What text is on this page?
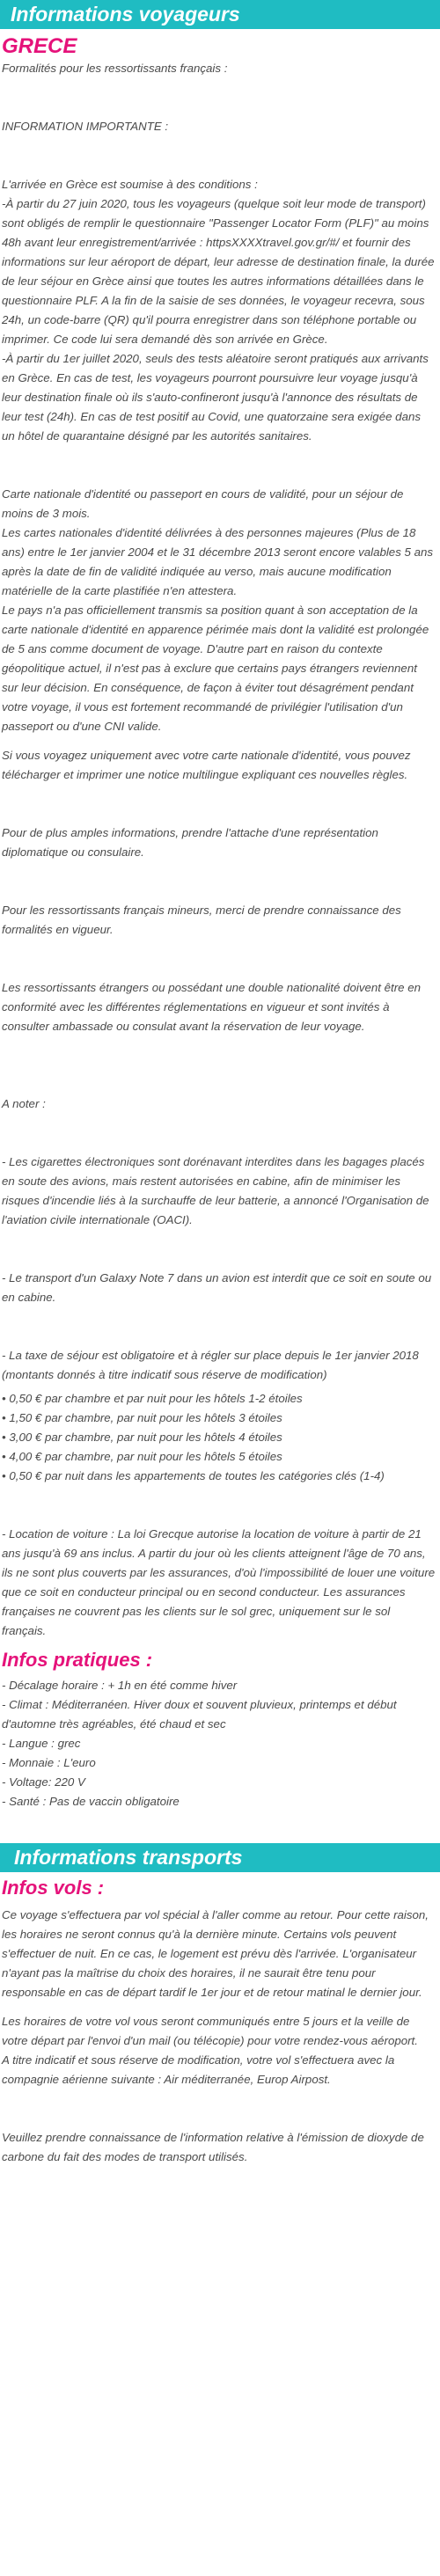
Informations voyageurs
GRECE

Formalités pour les ressortissants français :

INFORMATION IMPORTANTE :

L'arrivée en Grèce est soumise à des conditions :

-À partir du 27 juin 2020, tous les voyageurs (quelque soit leur mode de transport) sont obligés de remplir le questionnaire "Passenger Locator Form (PLF)" au moins 48h avant leur enregistrement/arrivée : httpsXXXXtravel.gov.gr/#/ et fournir des informations sur leur aéroport de départ, leur adresse de destination finale, la durée de leur séjour en Grèce ainsi que toutes les autres informations détaillées dans le questionnaire PLF. A la fin de la saisie de ses données, le voyageur recevra, sous 24h, un code-barre (QR) qu'il pourra enregistrer dans son téléphone portable ou imprimer. Ce code lui sera demandé dès son arrivée en Grèce.

-À partir du 1er juillet 2020, seuls des tests aléatoire seront pratiqués aux arrivants en Grèce. En cas de test, les voyageurs pourront poursuivre leur voyage jusqu'à leur destination finale où ils s'auto-confineront jusqu'à l'annonce des résultats de leur test (24h). En cas de test positif au Covid, une quatorzaine sera exigée dans un hôtel de quarantaine désigné par les autorités sanitaires.

Carte nationale d'identité ou passeport en cours de validité, pour un séjour de moins de 3 mois.

Les cartes nationales d'identité délivrées à des personnes majeures (Plus de 18 ans) entre le 1er janvier 2004 et le 31 décembre 2013 seront encore valables 5 ans après la date de fin de validité indiquée au verso, mais aucune modification matérielle de la carte plastifiée n'en attestera.

Le pays n'a pas officiellement transmis sa position quant à son acceptation de la carte nationale d'identité en apparence périmée mais dont la validité est prolongée de 5 ans comme document de voyage. D'autre part en raison du contexte géopolitique actuel, il n'est pas à exclure que certains pays étrangers reviennent sur leur décision. En conséquence, de façon à éviter tout désagrément pendant votre voyage, il vous est fortement recommandé de privilégier l'utilisation d'un passeport ou d'une CNI valide.

Si vous voyagez uniquement avec votre carte nationale d'identité, vous pouvez télécharger et imprimer une notice multilingue expliquant ces nouvelles règles.

Pour de plus amples informations, prendre l'attache d'une représentation diplomatique ou consulaire.

Pour les ressortissants français mineurs, merci de prendre connaissance des formalités en vigueur.

Les ressortissants étrangers ou possédant une double nationalité doivent être en conformité avec les différentes réglementations en vigueur et sont invités à consulter ambassade ou consulat avant la réservation de leur voyage.

A noter :

- Les cigarettes électroniques sont dorénavant interdites dans les bagages placés en soute des avions, mais restent autorisées en cabine, afin de minimiser les risques d'incendie liés à la surchauffe de leur batterie, a annoncé l'Organisation de l'aviation civile internationale (OACI).

- Le transport d'un Galaxy Note 7 dans un avion est interdit que ce soit en soute ou en cabine.

- La taxe de séjour est obligatoire et à régler sur place depuis le 1er janvier 2018 (montants donnés à titre indicatif sous réserve de modification)

• 0,50 € par chambre et par nuit pour les hôtels 1-2 étoiles

• 1,50 € par chambre, par nuit pour les hôtels 3 étoiles

• 3,00 € par chambre, par nuit pour les hôtels 4 étoiles

• 4,00 € par chambre, par nuit pour les hôtels 5 étoiles

• 0,50 € par nuit dans les appartements de toutes les catégories clés (1-4)

- Location de voiture : La loi Grecque autorise la location de voiture à partir de 21 ans jusqu'à 69 ans inclus. A partir du jour où les clients atteignent l'âge de 70 ans, ils ne sont plus couverts par les assurances, d'où l'impossibilité de louer une voiture que ce soit en conducteur principal ou en second conducteur. Les assurances françaises ne couvrent pas les clients sur le sol grec, uniquement sur le sol français.

Infos pratiques :

- Décalage horaire : + 1h en été comme hiver

- Climat : Méditerranéen. Hiver doux et souvent pluvieux, printemps et début d'automne très agréables, été chaud et sec

- Langue : grec

- Monnaie : L'euro

- Voltage: 220 V

- Santé : Pas de vaccin obligatoire

Informations transports
Infos vols :

Ce voyage s'effectuera par vol spécial à l'aller comme au retour. Pour cette raison, les horaires ne seront connus qu'à la dernière minute. Certains vols peuvent s'effectuer de nuit. En ce cas, le logement est prévu dès l'arrivée. L'organisateur n'ayant pas la maîtrise du choix des horaires, il ne saurait être tenu pour responsable en cas de départ tardif le 1er jour et de retour matinal le dernier jour.

Les horaires de votre vol vous seront communiqués entre 5 jours et la veille de votre départ par l'envoi d'un mail (ou télécopie) pour votre rendez-vous aéroport.

A titre indicatif et sous réserve de modification, votre vol s'effectuera avec la compagnie aérienne suivante : Air méditerranée, Europ Airpost.

Veuillez prendre connaissance de l'information relative à l'émission de dioxyde de carbone du fait des modes de transport utilisés.
